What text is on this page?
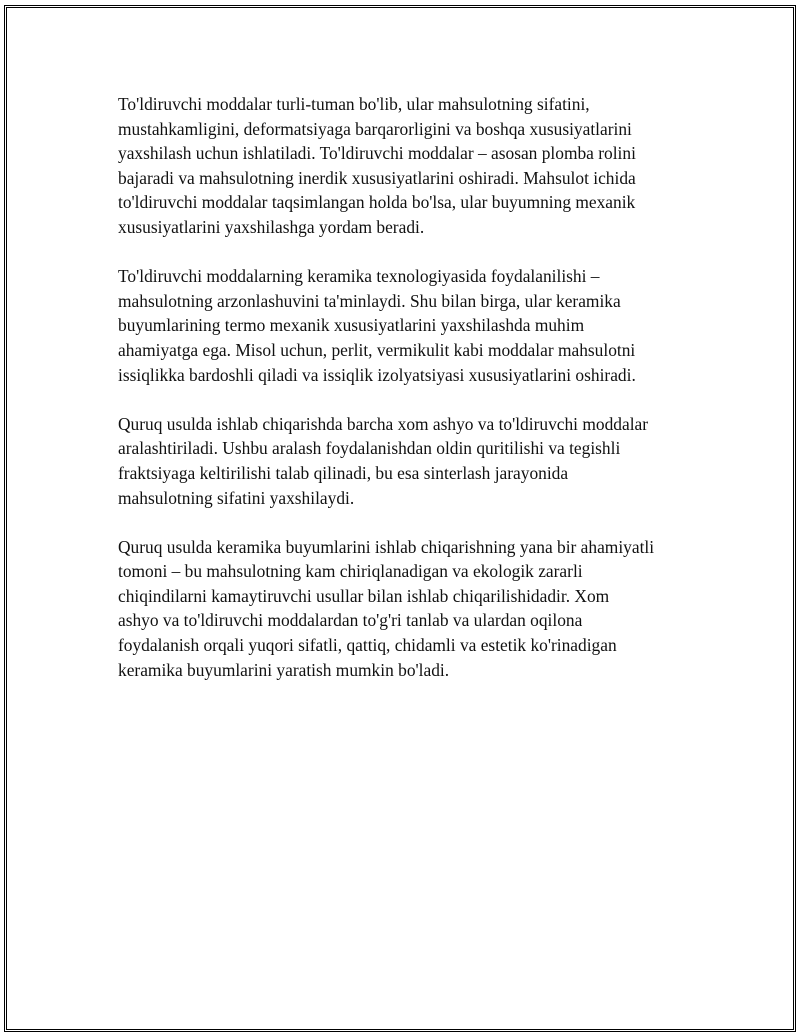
To'ldiruvchi moddalar turli-tuman bo'lib, ular mahsulotning sifatini,
mustahkamligini, deformatsiyaga barqarorligini va boshqa xususiyatlarini
yaxshilash uchun ishlatiladi. To'ldiruvchi moddalar – asosan plomba rolini
bajaradi va mahsulotning inerdik xususiyatlarini oshiradi. Mahsulot ichida
to'ldiruvchi moddalar taqsimlangan holda bo'lsa, ular buyumning mexanik
xususiyatlarini yaxshilashga yordam beradi.

To'ldiruvchi moddalarning keramika texnologiyasida foydalanilishi –
mahsulotning arzonlashuvini ta'minlaydi. Shu bilan birga, ular keramika
buyumlarining termo mexanik xususiyatlarini yaxshilashda muhim
ahamiyatga ega. Misol uchun, perlit, vermikulit kabi moddalar mahsulotni
issiqlikka bardoshli qiladi va issiqlik izolyatsiyasi xususiyatlarini oshiradi.

Quruq usulda ishlab chiqarishda barcha xom ashyo va to'ldiruvchi moddalar
aralashtiriladi. Ushbu aralash foydalanishdan oldin quritilishi va tegishli
fraktsiyaga keltirilishi talab qilinadi, bu esa sinterlash jarayonida
mahsulotning sifatini yaxshilaydi.

Quruq usulda keramika buyumlarini ishlab chiqarishning yana bir ahamiyatli
tomoni – bu mahsulotning kam chiriqlanadigan va ekologik zararli
chiqindilarni kamaytiruvchi usullar bilan ishlab chiqarilishidadir. Xom
ashyo va to'ldiruvchi moddalardan to'g'ri tanlab va ulardan oqilona
foydalanish orqali yuqori sifatli, qattiq, chidamli va estetik ko'rinadigan
keramika buyumlarini yaratish mumkin bo'ladi.
